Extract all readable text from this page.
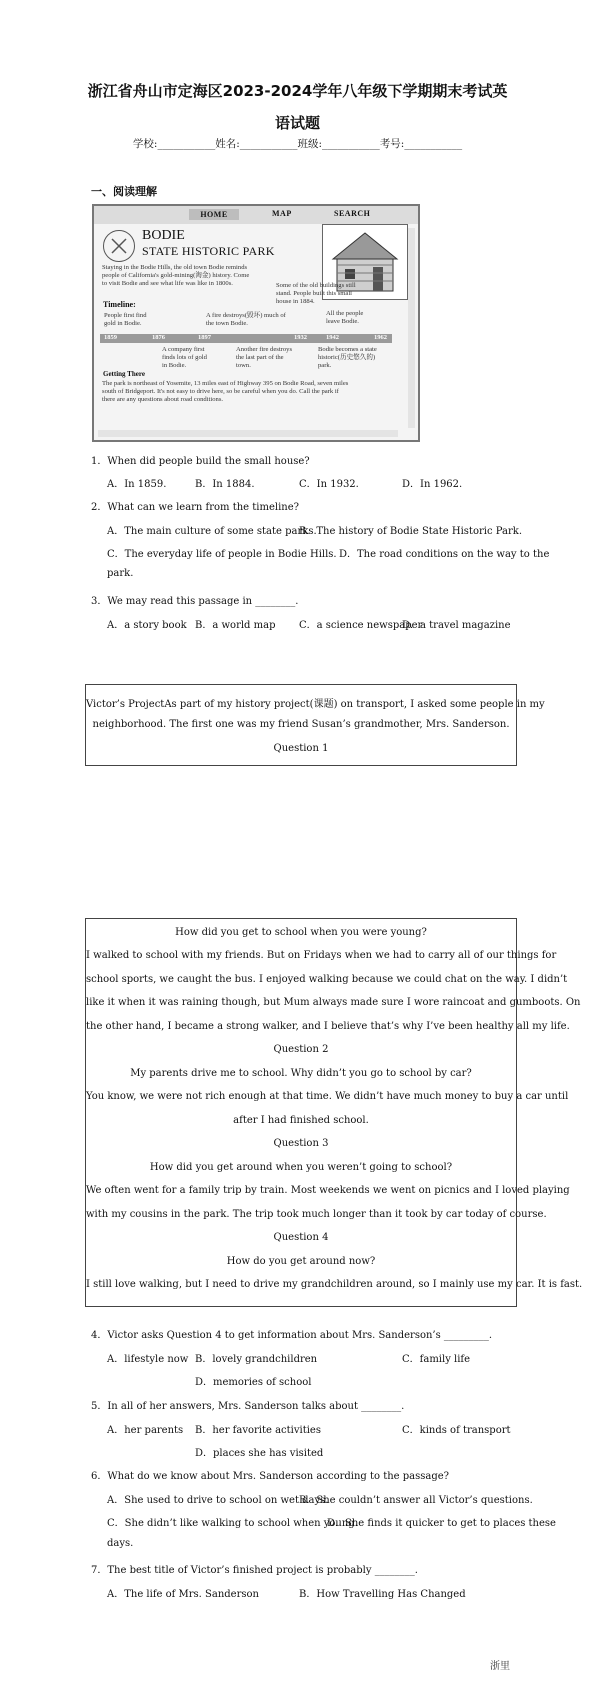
浙江省舟山市定海区2023-2024学年八年级下学期期末考试英
语试题
学校:___________姓名:___________班级:___________考号:___________
一、阅读理解
HOME	MAP	SEARCH
BODIE
STATE HISTORIC PARK
Staying in the Bodie Hills, the old town Bodie reminds
people of California's gold-mining(淘金) history. Come
to visit Bodie and see what life was like in 1800s.	Some of the old buildings still
stand. People built this small
house in 1884.
Timeline:
People first find
gold in Bodie.
A fire destroys(毁坏) much of
the town Bodie.
All the people
leave Bodie.
1859	1876	1897	1932	1942	1962
A company first
finds lots of gold
in Bodie.
Another fire destroys
the last part of the
town.
Bodie becomes a state
historic(历史悠久的)
park.
Getting There
The park is northeast of Yosemite, 13 miles east of Highway 395 on Bodie Road, seven miles
south of Bridgeport. It's not easy to drive here, so be careful when you do. Call the park if
there are any questions about road conditions.
1．When did people build the small house?
A．In 1859.	B．In 1884.	C．In 1932.	D．In 1962.
2．What can we learn from the timeline?
A．The main culture of some state parks.
B．The history of Bodie State Historic Park.
C．The everyday life of people in Bodie Hills. D．The road conditions on the way to the
park.
3．We may read this passage in ________.
A．a story book B．a world map C．a science newspaper
D．a travel magazine
Victor’s ProjectAs part of my history project(课题) on transport, I asked some people in my
neighborhood. The first one was my friend Susan’s grandmother, Mrs. Sanderson.
Question 1
How did you get to school when you were young?
I walked to school with my friends. But on Fridays when we had to carry all of our things for
school sports, we caught the bus. I enjoyed walking because we could chat on the way. I didn’t
like it when it was raining though, but Mum always made sure I wore raincoat and gumboots. On
the other hand, I became a strong walker, and I believe that’s why I’ve been healthy all my life.
Question 2
My parents drive me to school. Why didn’t you go to school by car?
You know, we were not rich enough at that time. We didn’t have much money to buy a car until
after I had finished school.
Question 3
How did you get around when you weren’t going to school?
We often went for a family trip by train. Most weekends we went on picnics and I loved playing
with my cousins in the park. The trip took much longer than it took by car today of course.
Question 4
How do you get around now?
I still love walking, but I need to drive my grandchildren around, so I mainly use my car. It is fast.
4．Victor asks Question 4 to get information about Mrs. Sanderson’s _________.
A．lifestyle now B．lovely grandchildren	C．family life
D．memories of school
5．In all of her answers, Mrs. Sanderson talks about ________.
A．her parents B．her favorite activities	C．kinds of transport
D．places she has visited
6．What do we know about Mrs. Sanderson according to the passage?
A．She used to drive to school on wet days.
B．She couldn’t answer all Victor’s questions.
C．She didn’t like walking to school when young.
D．She finds it quicker to get to places these
days.
7．The best title of Victor’s finished project is probably ________.
A．The life of Mrs. Sanderson	B．How Travelling Has Changed
浙里
